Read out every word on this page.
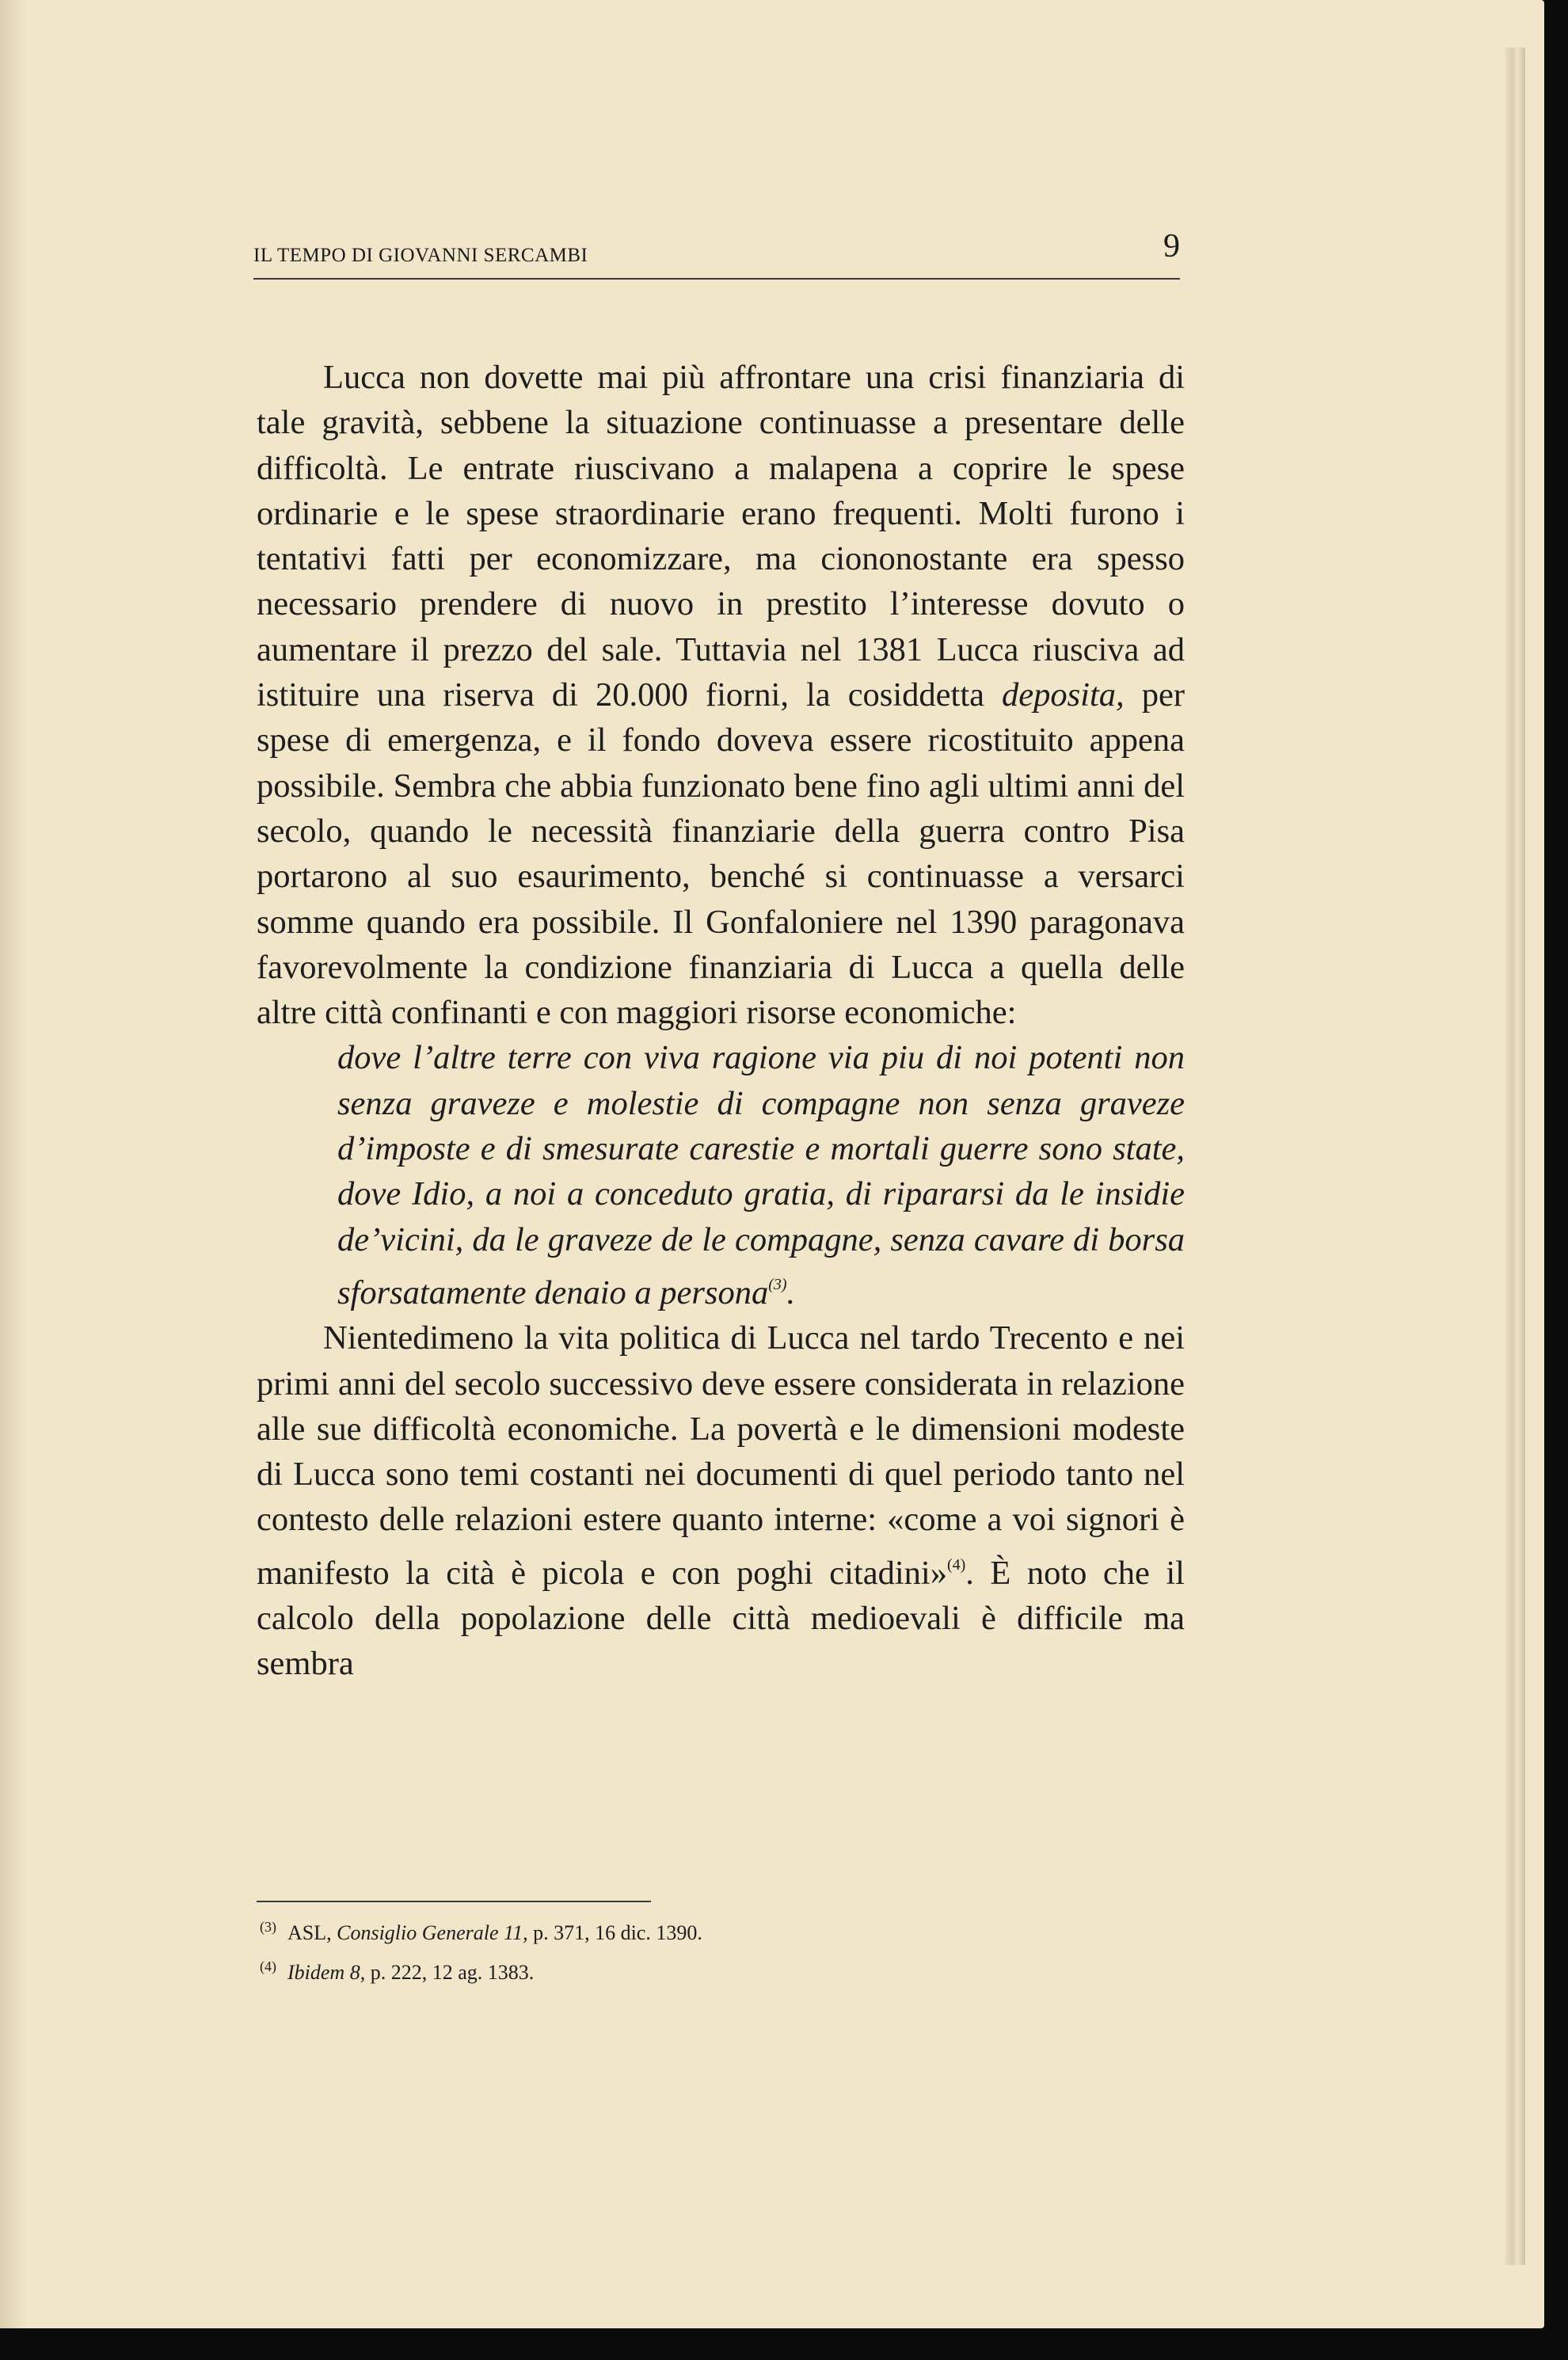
IL TEMPO DI GIOVANNI SERCAMBI	9

Lucca non dovette mai più affrontare una crisi finanziaria di tale gravità, sebbene la situazione continuasse a presentare delle difficoltà. Le entrate riuscivano a malapena a coprire le spese ordinarie e le spese straordinarie erano frequenti. Molti furono i tentativi fatti per economizzare, ma ciononostante era spesso necessario prendere di nuovo in prestito l’interesse dovuto o aumentare il prezzo del sale. Tuttavia nel 1381 Lucca riusciva ad istituire una riserva di 20.000 fiorni, la cosiddetta deposita, per spese di emergenza, e il fondo doveva essere ricostituito appena possibile. Sembra che abbia funzionato bene fino agli ultimi anni del secolo, quando le necessità finanziarie della guerra contro Pisa portarono al suo esaurimento, benché si continuasse a versarci somme quando era possibile. Il Gonfaloniere nel 1390 paragonava favorevolmente la condizione finanziaria di Lucca a quella delle altre città confinanti e con maggiori risorse economiche:

dove l’altre terre con viva ragione via piu di noi potenti non senza graveze e molestie di compagne non senza graveze d’imposte e di smesurate carestie e mortali guerre sono state, dove Idio, a noi a conceduto gratia, di ripararsi da le insidie de’vicini, da le graveze de le compagne, senza cavare di borsa sforsatamente denaio a persona$^{(3)}$.

Nientedimeno la vita politica di Lucca nel tardo Trecento e nei primi anni del secolo successivo deve essere considerata in relazione alle sue difficoltà economiche. La povertà e le dimensioni modeste di Lucca sono temi costanti nei documenti di quel periodo tanto nel contesto delle relazioni estere quanto interne: «come a voi signori è manifesto la cità è picola e con poghi citadini»$^{(4)}$. È noto che il calcolo della popolazione delle città medioevali è difficile ma sembra

$^{(3)}$ ASL, Consiglio Generale 11, p. 371, 16 dic. 1390.
$^{(4)}$ Ibidem 8, p. 222, 12 ag. 1383.
